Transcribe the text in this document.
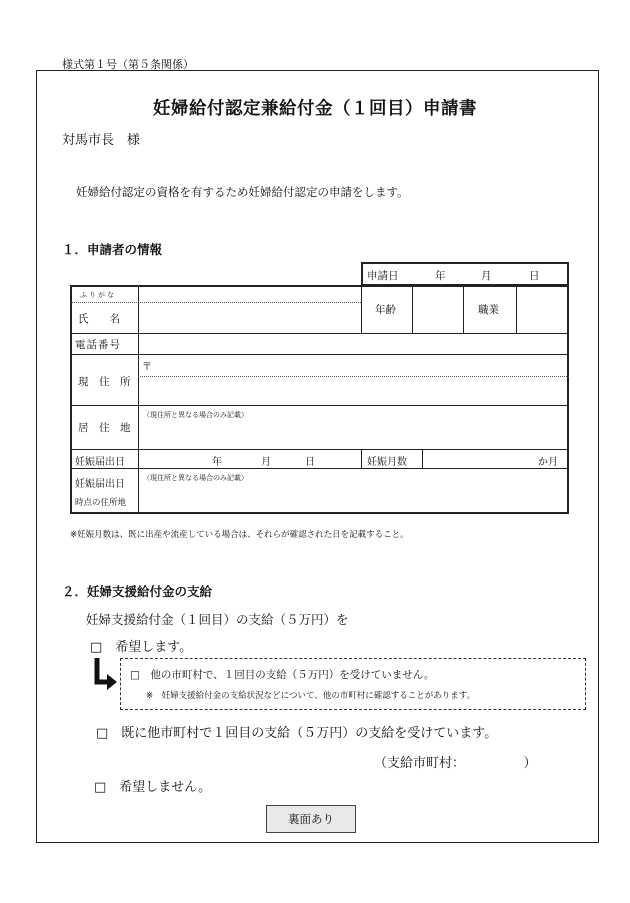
様式第１号（第５条関係）
妊婦給付認定兼給付金（１回目）申請書
対馬市長　様
妊婦給付認定の資格を有するため妊婦給付認定の申請をします。
１．申請者の情報
申請日	年	月	日
ふりがな
氏　　名
年齢	職業
電話番号
現　住　所
〒
居　住　地
（現住所と異なる場合のみ記載）
妊娠届出日	年	月	日	妊娠月数	か月
妊娠届出日
時点の住所地
（現住所と異なる場合のみ記載）
※妊娠月数は、既に出産や流産している場合は、それらが確認された日を記載すること。
２．妊婦支援給付金の支給
妊婦支援給付金（１回目）の支給（５万円）を
□　希望します。
□　他の市町村で、１回目の支給（５万円）を受けていません。
※　妊婦支援給付金の支給状況などについて、他の市町村に確認することがあります。
□　既に他市町村で１回目の支給（５万円）の支給を受けています。
（支給市町村：　　　　　）
□　希望しません。
裏面あり
